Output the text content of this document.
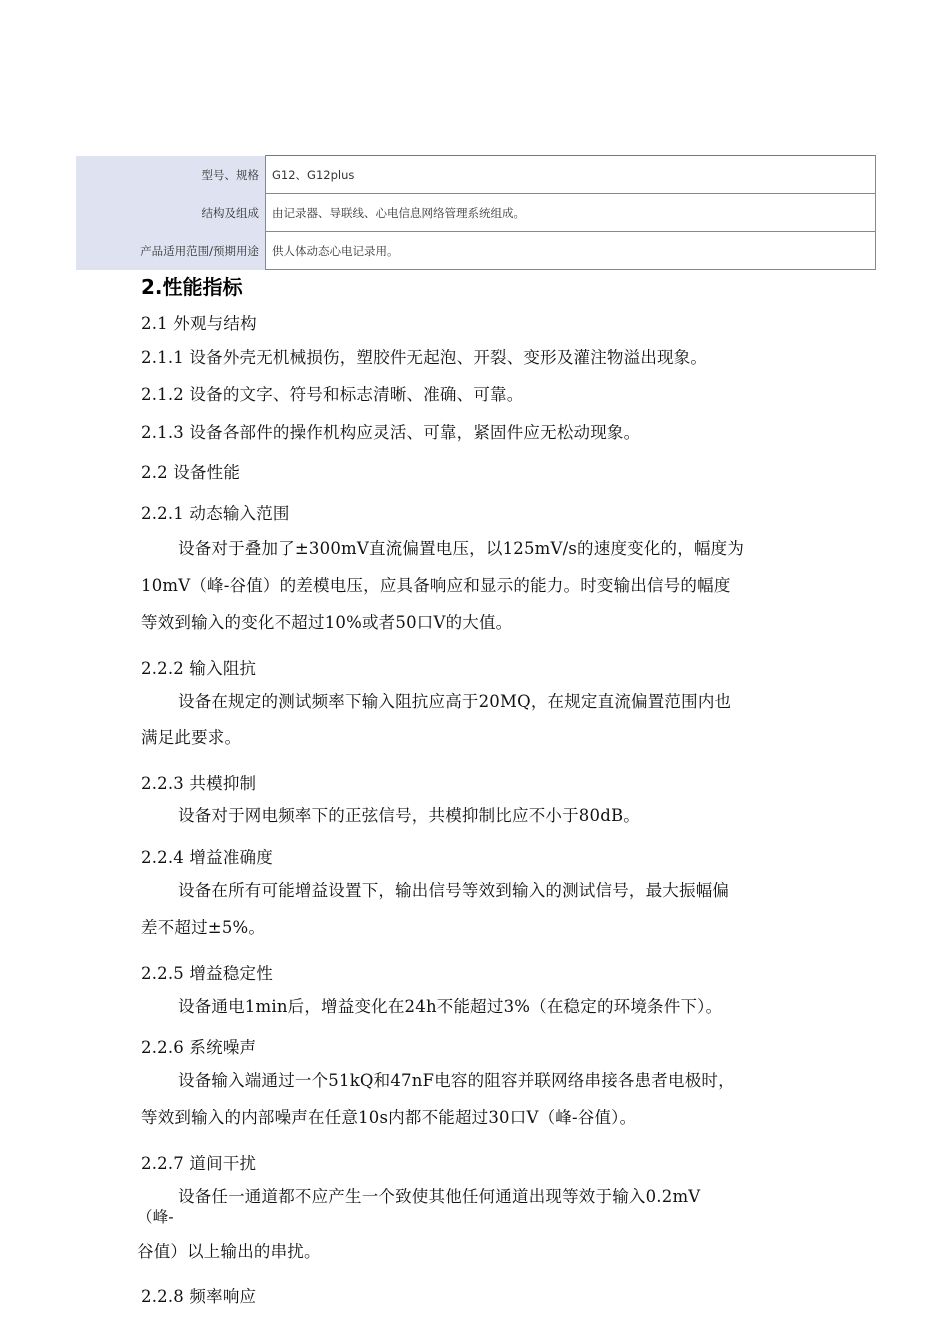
型号、规格	G12、G12plus
结构及组成	由记录器、导联线、心电信息网络管理系统组成。
产品适用范围/预期用途	供人体动态心电记录用。
2.性能指标
2.1 外观与结构
2.1.1 设备外壳无机械损伤，塑胶件无起泡、开裂、变形及灌注物溢出现象。
2.1.2 设备的文字、符号和标志清晰、准确、可靠。
2.1.3 设备各部件的操作机构应灵活、可靠，紧固件应无松动现象。
2.2 设备性能
2.2.1 动态输入范围
设备对于叠加了±300mV直流偏置电压，以125mV/s的速度变化的，幅度为
10mV（峰-谷值）的差模电压，应具备响应和显示的能力。时变输出信号的幅度
等效到输入的变化不超过10%或者50口V的大值。
2.2.2 输入阻抗
设备在规定的测试频率下输入阻抗应高于20MQ，在规定直流偏置范围内也
满足此要求。
2.2.3 共模抑制
设备对于网电频率下的正弦信号，共模抑制比应不小于80dB。
2.2.4 增益准确度
设备在所有可能增益设置下，输出信号等效到输入的测试信号，最大振幅偏
差不超过±5%。
2.2.5 增益稳定性
设备通电1min后，增益变化在24h不能超过3%（在稳定的环境条件下）。
2.2.6 系统噪声
设备输入端通过一个51kQ和47nF电容的阻容并联网络串接各患者电极时，
等效到输入的内部噪声在任意10s内都不能超过30口V（峰-谷值）。
2.2.7 道间干扰
设备任一通道都不应产生一个致使其他任何通道出现等效于输入0.2mV
（峰-
谷值）以上输出的串扰。
2.2.8 频率响应
